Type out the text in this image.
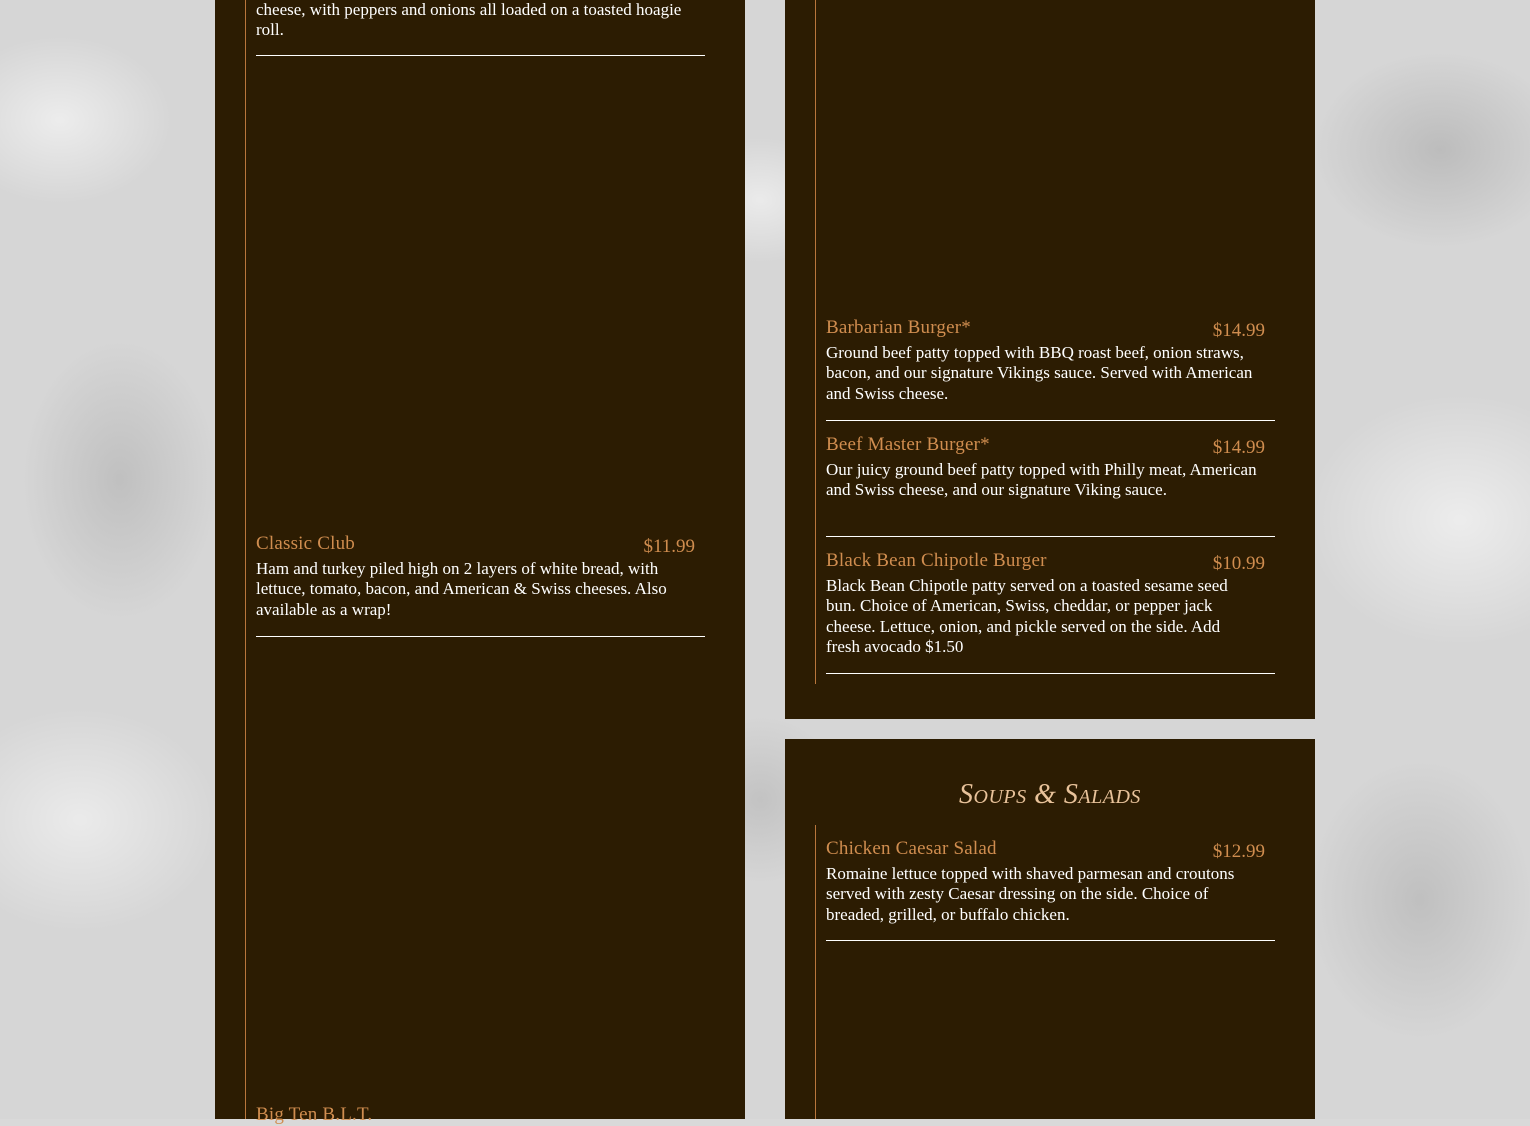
cheese, with peppers and onions all loaded on a toasted hoagie roll.
Classic Club	$11.99
Ham and turkey piled high on 2 layers of white bread, with lettuce, tomato, bacon, and American & Swiss cheeses. Also available as a wrap!
Big Ten B.L.T.
Barbarian Burger*	$14.99
Ground beef patty topped with BBQ roast beef, onion straws, bacon, and our signature Vikings sauce. Served with American and Swiss cheese.
Beef Master Burger*	$14.99
Our juicy ground beef patty topped with Philly meat, American and Swiss cheese, and our signature Viking sauce.
Black Bean Chipotle Burger	$10.99
Black Bean Chipotle patty served on a toasted sesame seed bun. Choice of American, Swiss, cheddar, or pepper jack cheese. Lettuce, onion, and pickle served on the side. Add fresh avocado $1.50
Soups & Salads
Chicken Caesar Salad	$12.99
Romaine lettuce topped with shaved parmesan and croutons served with zesty Caesar dressing on the side. Choice of breaded, grilled, or buffalo chicken.
